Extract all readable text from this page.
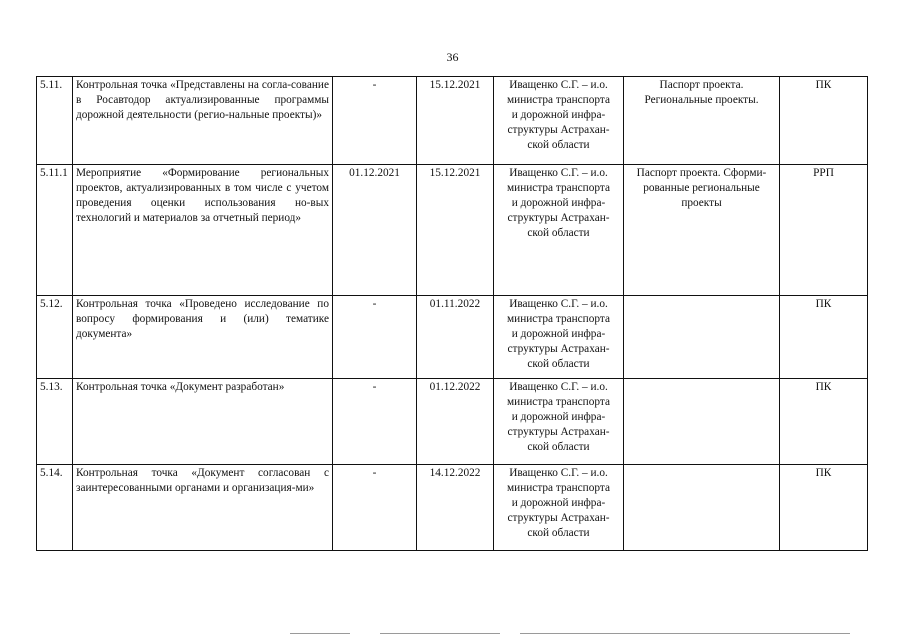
36
5.11.	Контрольная точка «Представлены на согла-сование в Росавтодор актуализированные программы дорожной деятельности (регио-нальные проекты)»	-	15.12.2021	Иващенко С.Г. – и.о.
министра транспорта
и дорожной инфра-
структуры Астрахан-
ской области	Паспорт проекта. Региональные проекты.	ПК
5.11.1	Мероприятие «Формирование региональных проектов, актуализированных в том числе с учетом проведения оценки использования но-вых технологий и материалов за отчетный период»	01.12.2021	15.12.2021	Иващенко С.Г. – и.о.
министра транспорта
и дорожной инфра-
структуры Астрахан-
ской области	Паспорт проекта. Сформи-рованные региональные проекты	РРП
5.12.	Контрольная точка «Проведено исследование по вопросу формирования и (или) тематике документа»	-	01.11.2022	Иващенко С.Г. – и.о.
министра транспорта
и дорожной инфра-
структуры Астрахан-
ской области		ПК
5.13.	Контрольная точка «Документ разработан»	-	01.12.2022	Иващенко С.Г. – и.о.
министра транспорта
и дорожной инфра-
структуры Астрахан-
ской области		ПК
5.14.	Контрольная точка «Документ согласован с заинтересованными органами и организация-ми»	-	14.12.2022	Иващенко С.Г. – и.о.
министра транспорта
и дорожной инфра-
структуры Астрахан-
ской области		ПК
